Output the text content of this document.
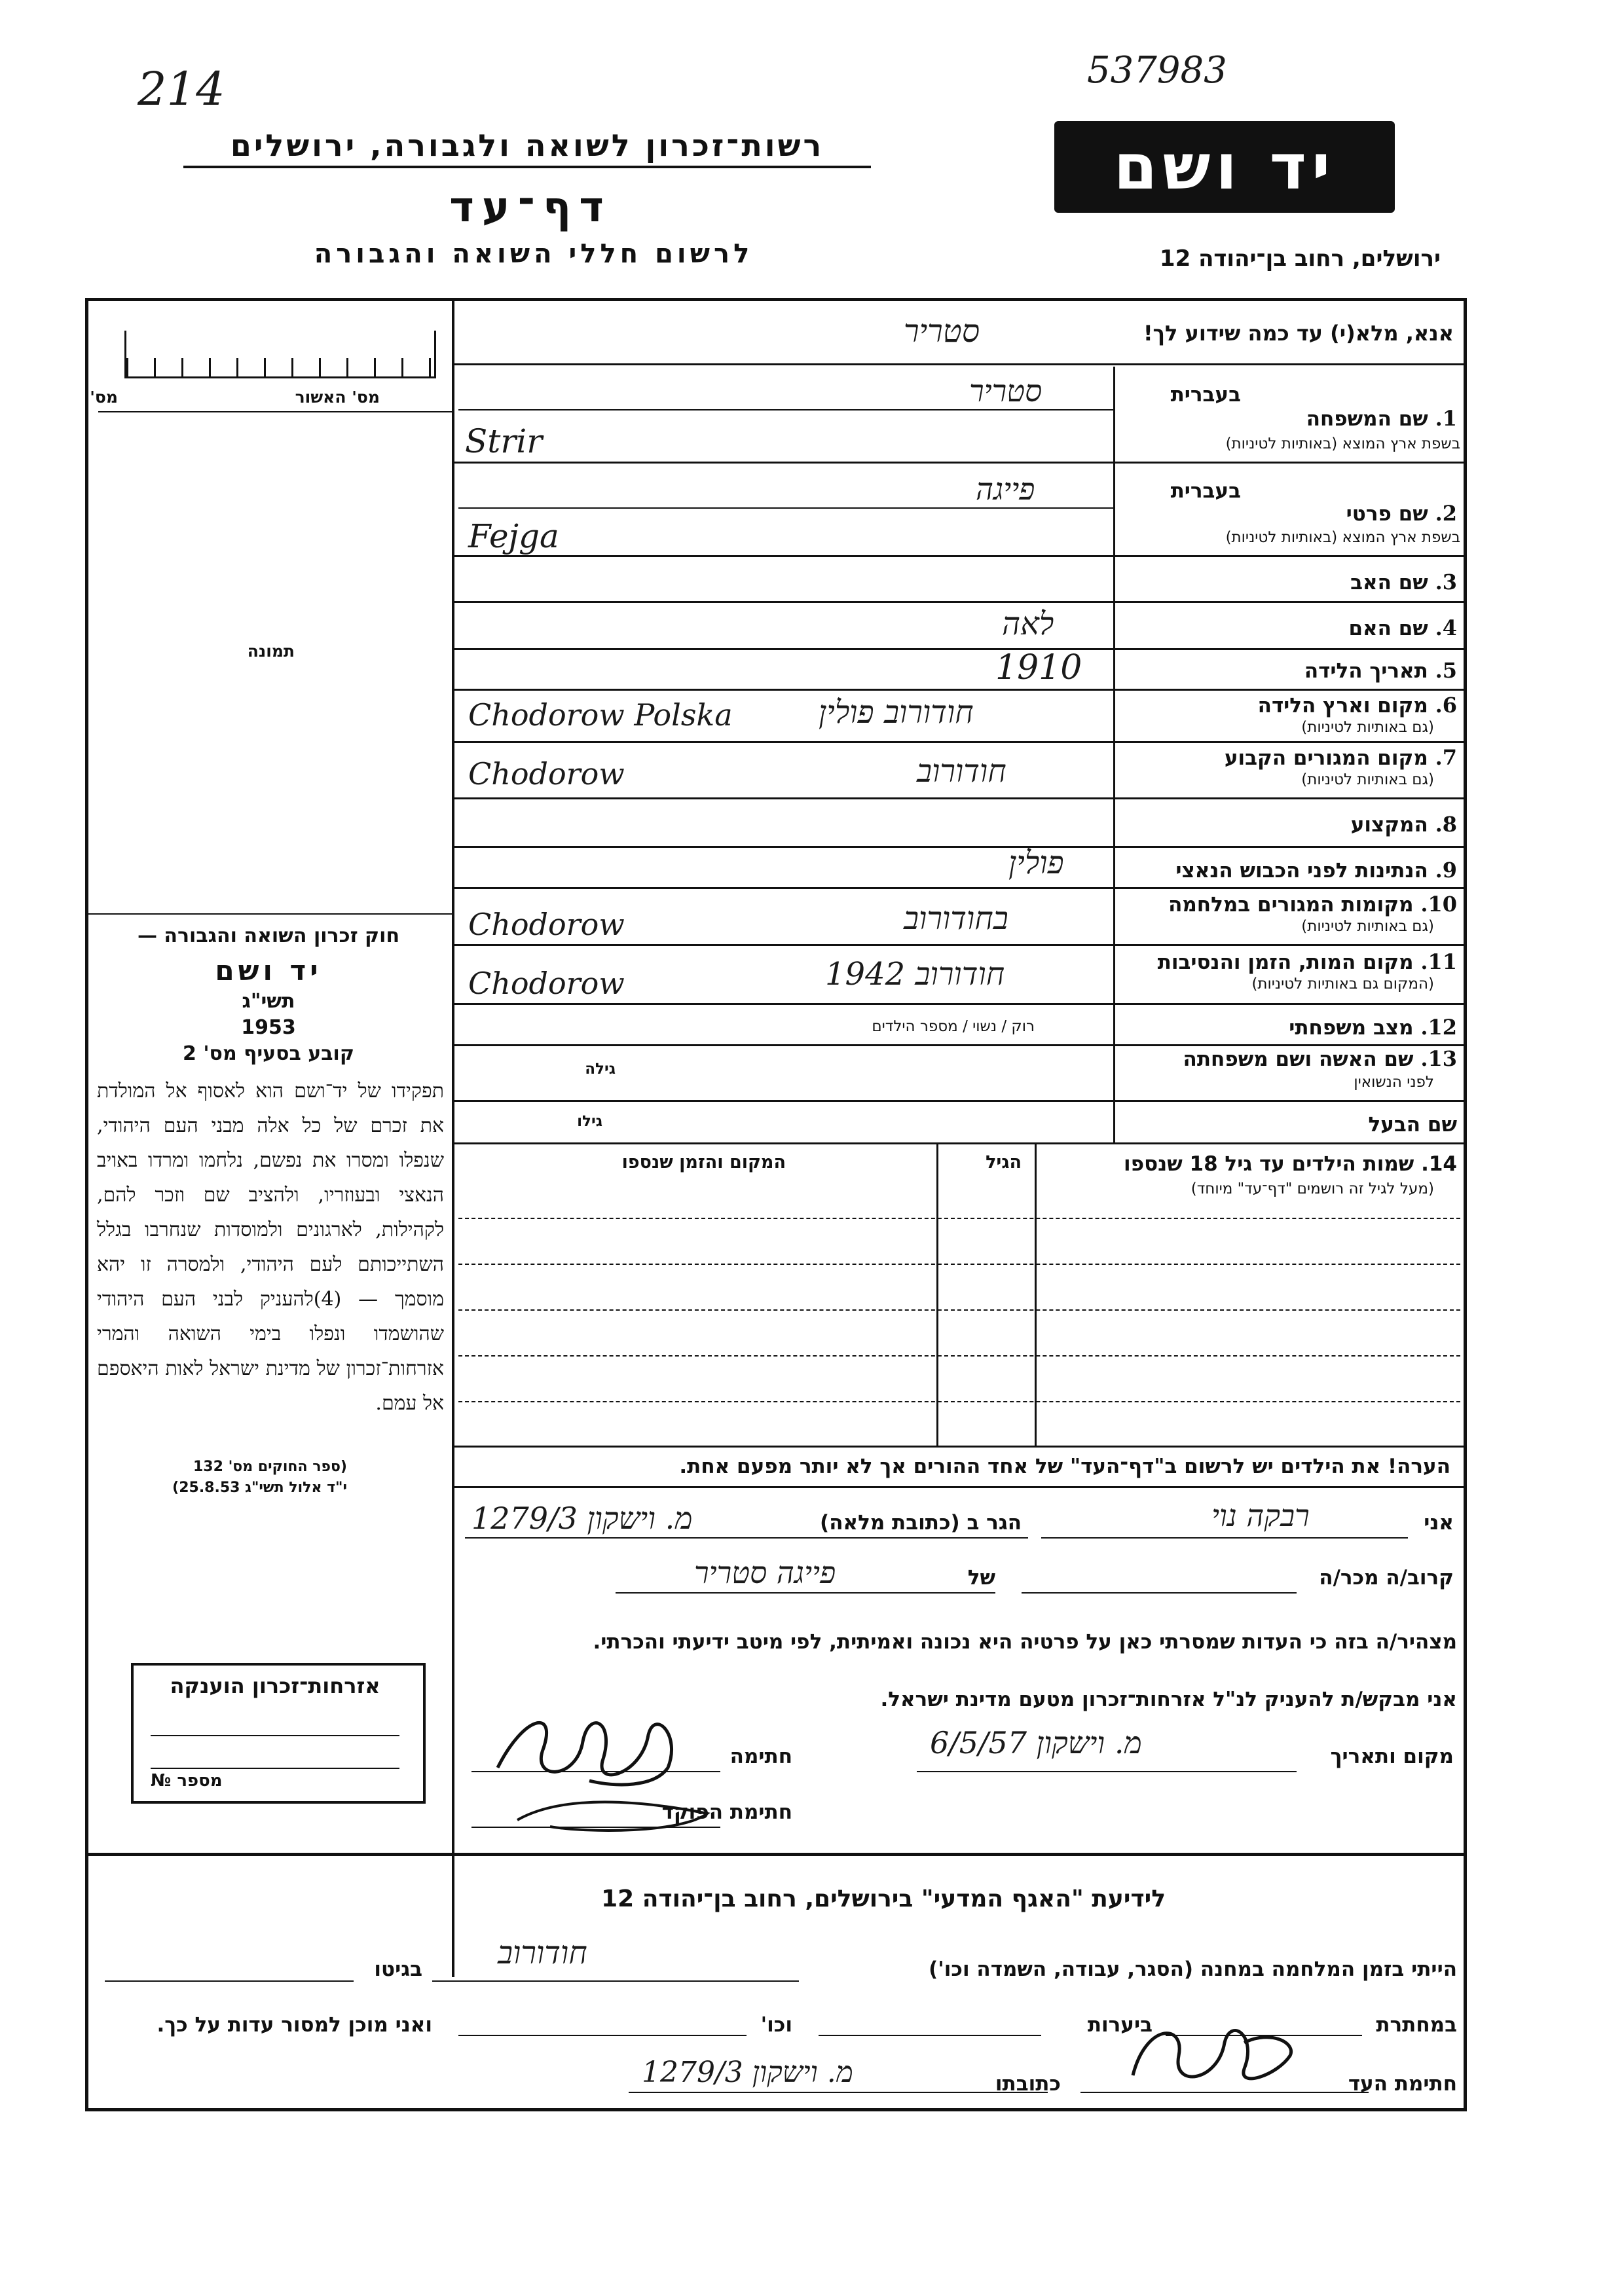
214	537983
רשות־זכרון לשואה ולגבורה, ירושלים
דף־עד
לרשום חללי השואה והגבורה
יד ושם
ירושלים, רחוב בן־יהודה 12
אנא, מלא(י) עד כמה שידוע לך!
סטריר
מס' האשור
מס'
תמונה
חוק זכרון השואה והגבורה —
יד ושם
תשי"ג
1953
קובע בסעיף מס' 2
תפקידו של יד־ושם הוא לאסוף אל המולדת את זכרם של כל אלה מבני העם היהודי, שנפלו ומסרו את נפשם, נלחמו ומרדו באויב הנאצי ובעוזריו, ולהציב שם וזכר להם, לקהילות, לארגונים ולמוסדות שנחרבו בגלל השתייכותם לעם היהודי, ולמסרה זו יהא מוסמך — (4)להעניק לבני העם היהודי שהושמדו ונפלו בימי השואה והמרי אזרחות־זכרון של מדינת ישראל לאות היאספם אל עמם.
(ספר החוקים מס' 132
י"ד אלול תשי"ג 25.8.53)
אזרחות־זכרון הוענקה
מספר №
1. שם המשפחה
בשפת ארץ המוצא (באותיות לטיניות)
בעברית
סטריר
Strir
2. שם פרטי
בשפת ארץ המוצא (באותיות לטיניות)
בעברית
פייגה
Fejga
3. שם האב
4. שם האם
לאה
5. תאריך הלידה
1910
6. מקום וארץ הלידה
(גם באותיות לטיניות)
חודורוב פולין
Chodorow Polska
7. מקום המגורים הקבוע
(גם באותיות לטיניות)
חודורוב
Chodorow
8. המקצוע
9. הנתינות לפני הכבוש הנאצי
פולין
10. מקומות המגורים במלחמה
(גם באותיות לטיניות)
בחודורוב
Chodorow
11. מקום המות, הזמן והנסיבות
(המקום גם באותיות לטיניות)
חודורוב 1942
Chodorow
12. מצב משפחתי
רוק / נשוי / מספר הילדים
13. שם האשה ושם משפחתה
לפני הנשואין
גילה
שם הבעל
גילו
14. שמות הילדים עד גיל 18 שנספו
(מעל לגיל זה רושמים "דף־עד" מיוחד)
הגיל
המקום והזמן שנספו
הערה! את הילדים יש לרשום ב"דף־העד" של אחד ההורים אך לא יותר מפעם אחת.
אני
רבקה נוי
הגר ב (כתובת מלאה)
מ. וישקון 1279/3
קרוב/ה מכר/ה
של
פייגה סטריר
מצהיר/ה בזה כי העדות שמסרתי כאן על פרטיה היא נכונה ואמיתית, לפי מיטב ידיעתי והכרתי.
אני מבקש/ת להעניק לנ"ל אזרחות־זכרון מטעם מדינת ישראל.
מקום ותאריך
מ. וישקון 6/5/57
חתימה
חתימת הפוקד
לידיעת "האגף המדעי" בירושלים, רחוב בן־יהודה 12
הייתי בזמן המלחמה במחנה (הסגר, עבודה, השמדה וכו')
חודורוב
בגיטו
במחתרת
ביערות
וכו'
ואני מוכן למסור עדות על כך.
חתימת העד
כתובתו
מ. וישקון 1279/3
